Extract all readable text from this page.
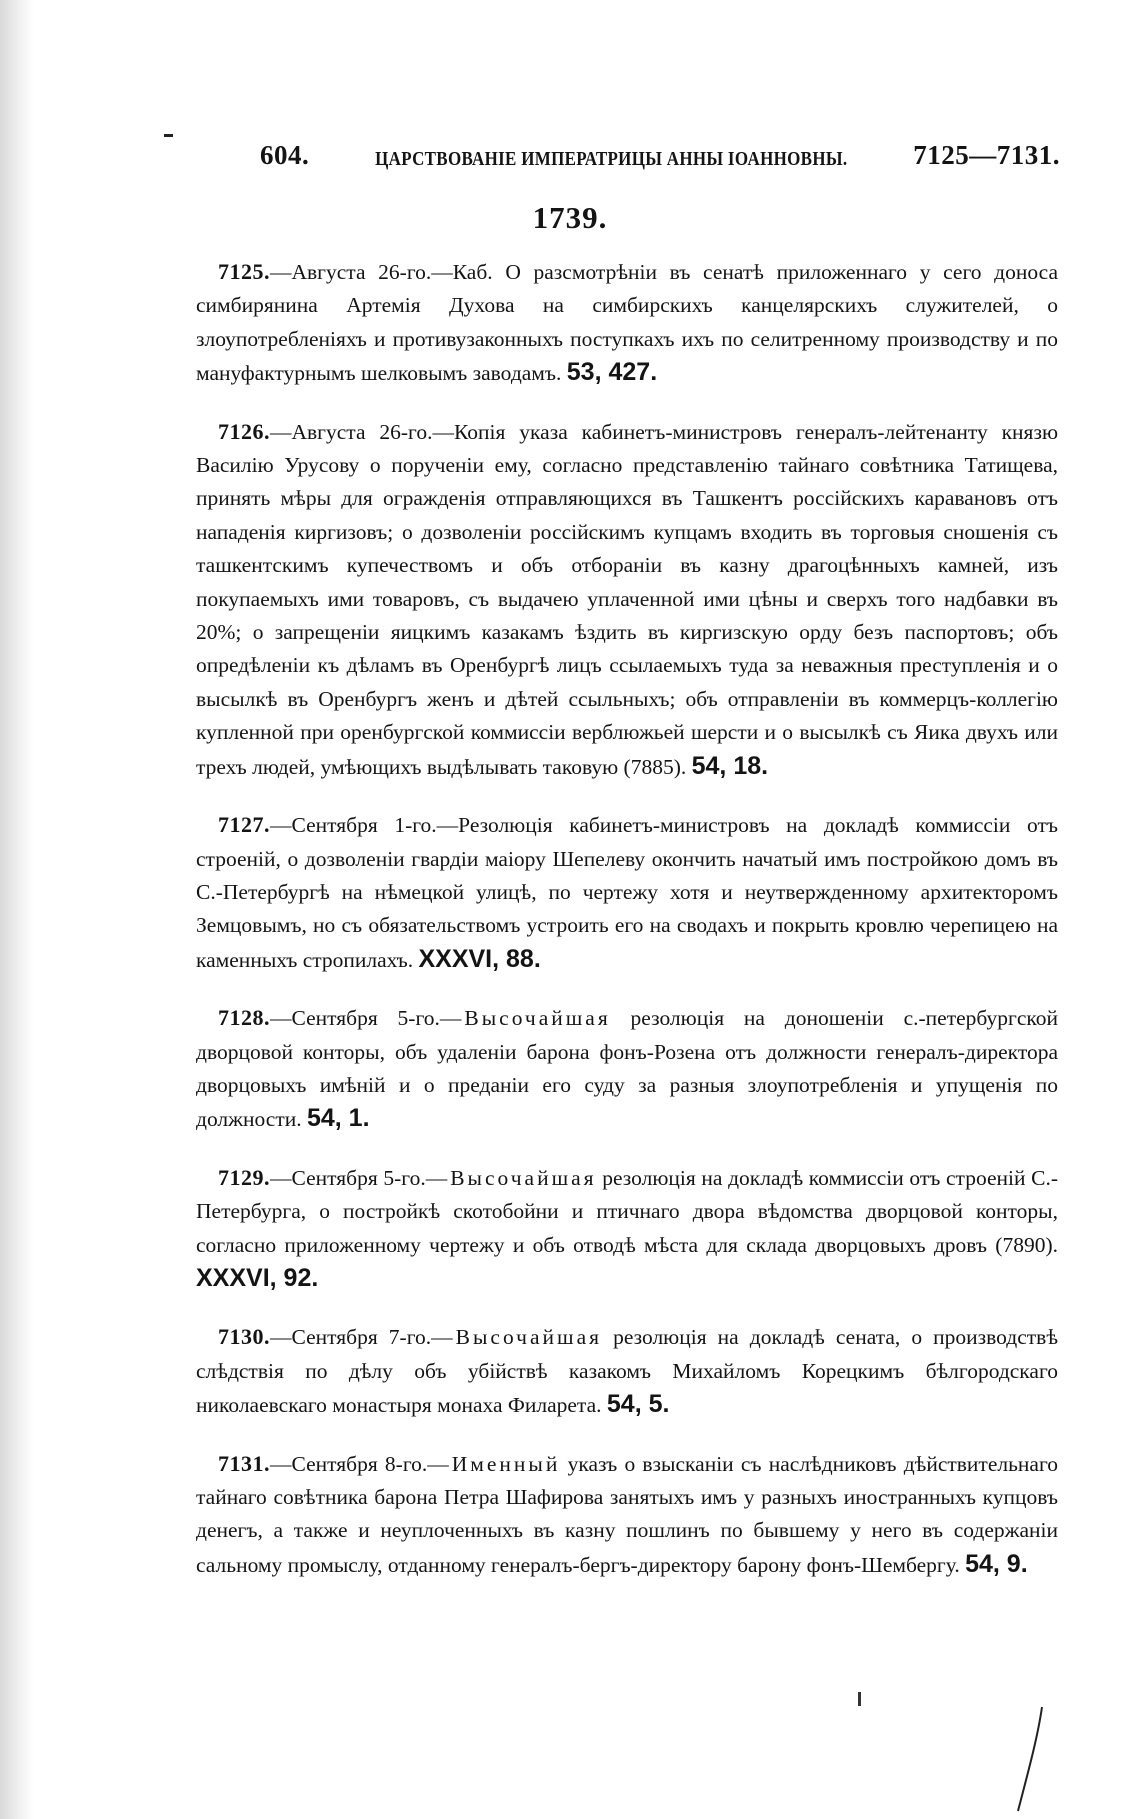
604.	ЦАРСТВОВАНІЕ ИМПЕРАТРИЦЫ АННЫ ІОАННОВНЫ. 7125—7131.
1739.

7125.—Августа 26-го.—Каб. О разсмотрѣніи въ сенатѣ приложеннаго у сего доноса симбирянина Артемія Духова на симбирскихъ канцелярскихъ служителей, о злоупотребленіяхъ и противузаконныхъ поступкахъ ихъ по селитренному производству и по мануфактурнымъ шелковымъ заводамъ. 53, 427.

7126.—Августа 26-го.—Копія указа кабинетъ-министровъ генералъ-лейтенанту князю Василію Урусову о порученіи ему, согласно представленію тайнаго совѣтника Татищева, принять мѣры для огражденія отправляющихся въ Ташкентъ россійскихъ каравановъ отъ нападенія киргизовъ; о дозволеніи россійскимъ купцамъ входить въ торговыя сношенія съ ташкентскимъ купечествомъ и объ отбораніи въ казну драгоцѣнныхъ камней, изъ покупаемыхъ ими товаровъ, съ выдачею уплаченной ими цѣны и сверхъ того надбавки въ 20%; о запрещеніи яицкимъ казакамъ ѣздить въ киргизскую орду безъ паспортовъ; объ опредѣленіи къ дѣламъ въ Оренбургѣ лицъ ссылаемыхъ туда за неважныя преступленія и о высылкѣ въ Оренбургъ женъ и дѣтей ссыльныхъ; объ отправленіи въ коммерцъ-коллегію купленной при оренбургской коммиссіи верблюжьей шерсти и о высылкѣ съ Яика двухъ или трехъ людей, умѣющихъ выдѣлывать таковую (7885). 54, 18.

7127.—Сентября 1-го.—Резолюція кабинетъ-министровъ на докладѣ коммиссіи отъ строеній, о дозволеніи гвардіи маіору Шепелеву окончить начатый имъ постройкою домъ въ С.-Петербургѣ на нѣмецкой улицѣ, по чертежу хотя и неутвержденному архитекторомъ Земцовымъ, но съ обязательствомъ устроить его на сводахъ и покрыть кровлю черепицею на каменныхъ стропилахъ. XXXVI, 88.

7128.—Сентября 5-го.—Высочайшая резолюція на доношеніи с.-петербургской дворцовой конторы, объ удаленіи барона фонъ-Розена отъ должности генералъ-директора дворцовыхъ имѣній и о преданіи его суду за разныя злоупотребленія и упущенія по должности. 54, 1.

7129.—Сентября 5-го.—Высочайшая резолюція на докладѣ коммиссіи отъ строеній С.-Петербурга, о постройкѣ скотобойни и птичнаго двора вѣдомства дворцовой конторы, согласно приложенному чертежу и объ отводѣ мѣста для склада дворцовыхъ дровъ (7890). XXXVI, 92.

7130.—Сентября 7-го.—Высочайшая резолюція на докладѣ сената, о производствѣ слѣдствія по дѣлу объ убійствѣ казакомъ Михайломъ Корецкимъ бѣлгородскаго николаевскаго монастыря монаха Филарета. 54, 5.

7131.—Сентября 8-го.—Именный указъ о взысканіи съ наслѣдниковъ дѣйствительнаго тайнаго совѣтника барона Петра Шафирова занятыхъ имъ у разныхъ иностранныхъ купцовъ денегъ, а также и неуплоченныхъ въ казну пошлинъ по бывшему у него въ содержаніи сальному промыслу, отданному генералъ-бергъ-директору барону фонъ-Шембергу. 54, 9.
